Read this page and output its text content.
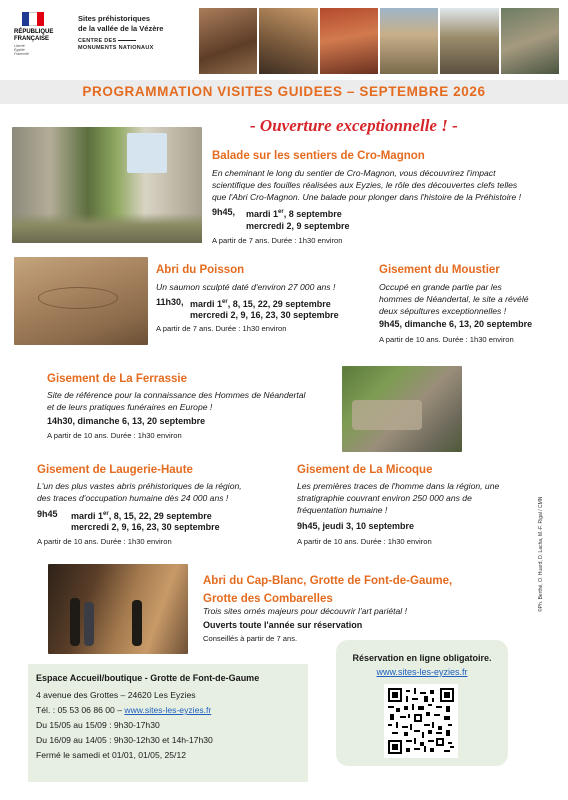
RÉPUBLIQUE
FRANÇAISE
Liberté
Égalité
Fraternité
Sites préhistoriques
de la vallée de la Vézère
CENTRE DES
MONUMENTS NATIONAUX
PROGRAMMATION VISITES GUIDEES – SEPTEMBRE 2026
- Ouverture exceptionnelle ! -
Balade sur les sentiers de Cro-Magnon
En cheminant le long du sentier de Cro-Magnon, vous découvrirez l'impact
scientifique des fouilles réalisées aux Eyzies, le rôle des découvertes clefs telles
que l'Abri Cro-Magnon. Une balade pour plonger dans l'histoire de la Préhistoire !
9h45, mardi 1er, 8 septembre
mercredi 2, 9 septembre
A partir de 7 ans. Durée : 1h30 environ
Abri du Poisson
Un saumon sculpté daté d'environ 27 000 ans !
11h30, mardi 1er, 8, 15, 22, 29 septembre
mercredi 2, 9, 16, 23, 30 septembre
A partir de 7 ans. Durée : 1h30 environ
Gisement du Moustier
Occupé en grande partie par les
hommes de Néandertal, le site a révélé
deux sépultures exceptionnelles !
9h45, dimanche 6, 13, 20 septembre
A partir de 10 ans. Durée : 1h30 environ
Gisement de La Ferrassie
Site de référence pour la connaissance des Hommes de Néandertal
et de leurs pratiques funéraires en Europe !
14h30, dimanche 6, 13, 20 septembre
A partir de 10 ans. Durée : 1h30 environ
Gisement de Laugerie-Haute
L'un des plus vastes abris préhistoriques de la région,
des traces d'occupation humaine dès 24 000 ans !
9h45 mardi 1er, 8, 15, 22, 29 septembre
mercredi 2, 9, 16, 23, 30 septembre
A partir de 10 ans. Durée : 1h30 environ
Gisement de La Micoque
Les premières traces de l'homme dans la région, une
stratigraphie couvrant environ 250 000 ans de
fréquentation humaine !
9h45, jeudi 3, 10 septembre
A partir de 10 ans. Durée : 1h30 environ
Abri du Cap-Blanc, Grotte de Font-de-Gaume,
Grotte des Combarelles
Trois sites ornés majeurs pour découvrir l'art pariétal !
Ouverts toute l'année sur réservation
Conseillés à partir de 7 ans.
Espace Accueil/boutique - Grotte de Font-de-Gaume
4 avenue des Grottes – 24620 Les Eyzies
Tél. : 05 53 06 86 00 – www.sites-les-eyzies.fr
Du 15/05 au 15/09 : 9h30-17h30
Du 16/09 au 14/05 : 9h30-12h30 et 14h-17h30
Fermé le samedi et 01/01, 01/05, 25/12
Réservation en ligne obligatoire.
www.sites-les-eyzies.fr
©Ph. Berthé, O. Huard, D. Lacha, M.-F. Rigal / CMN
